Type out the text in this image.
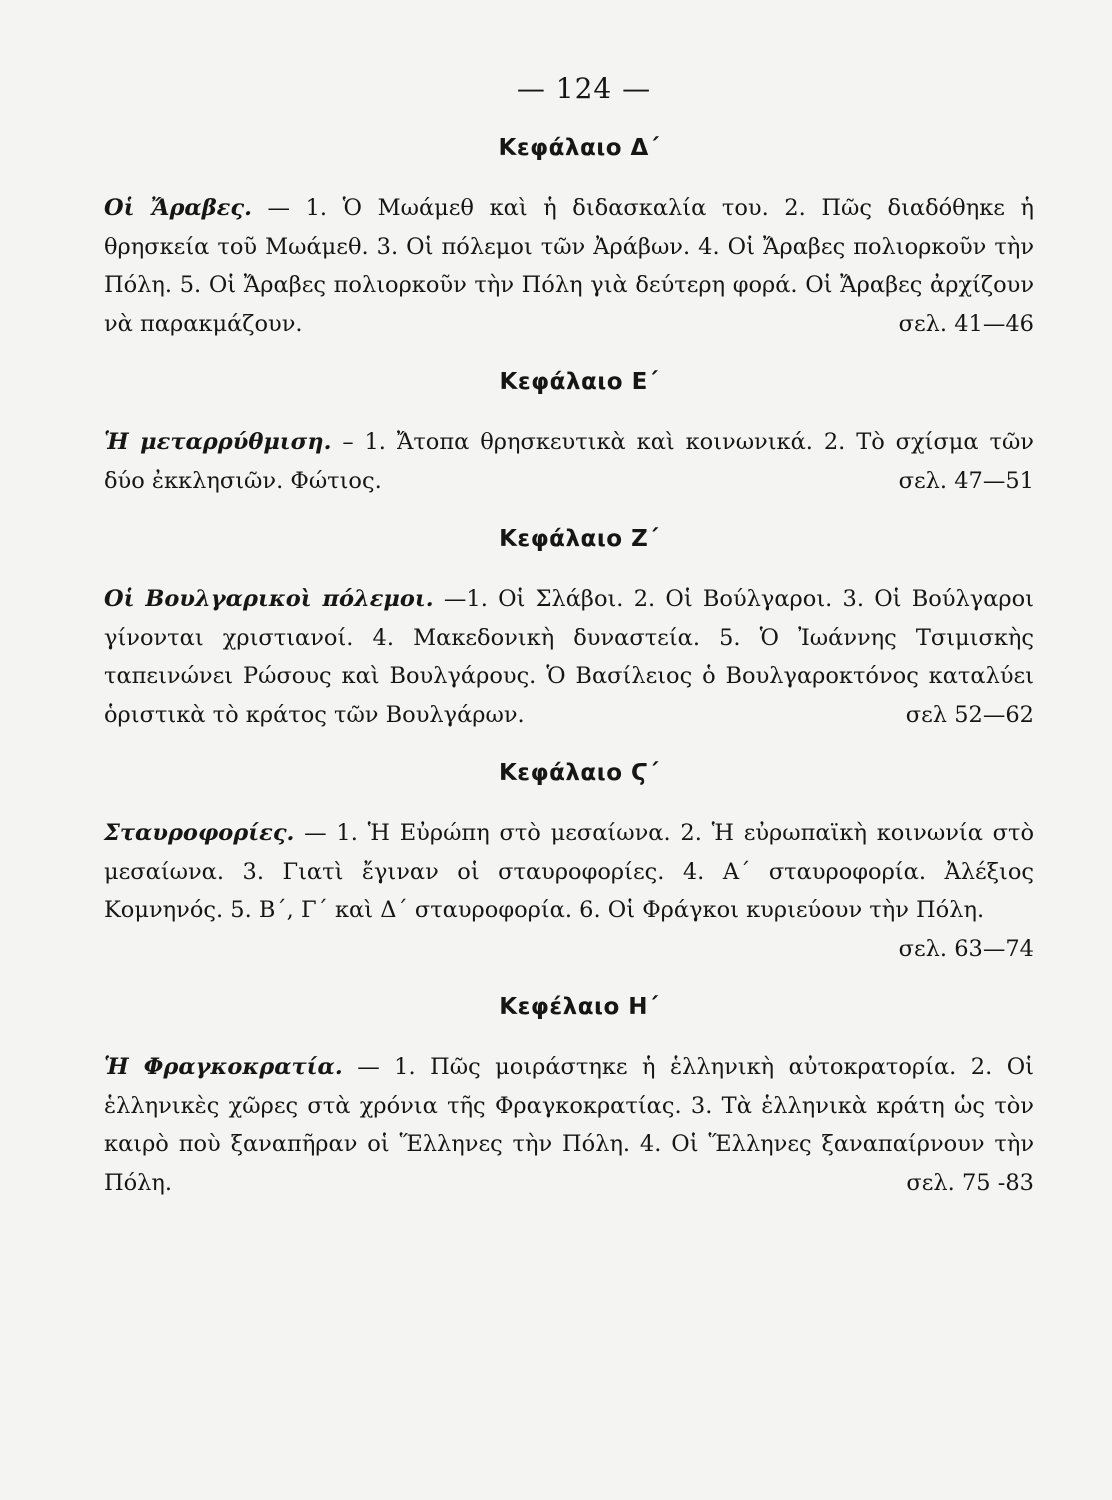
— 124 —
Κεφάλαιο Δ΄
Οἱ Ἄραβες. — 1. Ὁ Μωάμεθ καὶ ἡ διδασκαλία του. 2. Πῶς διαδόθηκε ἡ θρησκεία τοῦ Μωάμεθ. 3. Οἱ πόλεμοι τῶν Ἀράβων. 4. Οἱ Ἄραβες πολιορκοῦν τὴν Πόλη. 5. Οἱ Ἄραβες πολιορκοῦν τὴν Πόλη γιὰ δεύτερη φορά. Οἱ Ἄραβες ἀρχίζουν νὰ παρακμάζουν.	σελ. 41—46
Κεφάλαιο Ε΄
Ἡ μεταρρύθμιση. – 1. Ἄτοπα θρησκευτικὰ καὶ κοινωνικά. 2. Τὸ σχίσμα τῶν δύο ἐκκλησιῶν. Φώτιος.	σελ. 47—51
Κεφάλαιο Ζ΄
Οἱ Βουλγαρικοὶ πόλεμοι. —1. Οἱ Σλάβοι. 2. Οἱ Βούλγαροι. 3. Οἱ Βούλγαροι γίνονται χριστιανοί. 4. Μακεδονικὴ δυναστεία. 5. Ὁ Ἰωάννης Τσιμισκὴς ταπεινώνει Ρώσους καὶ Βουλγάρους. Ὁ Βασίλειος ὁ Βουλγαροκτόνος καταλύει ὁριστικὰ τὸ κράτος τῶν Βουλγάρων.	σελ 52—62
Κεφάλαιο Ϛ΄
Σταυροφορίες. — 1. Ἡ Εὐρώπη στὸ μεσαίωνα. 2. Ἡ εὐρωπαϊκὴ κοινωνία στὸ μεσαίωνα. 3. Γιατὶ ἔγιναν οἱ σταυροφορίες. 4. Α΄ σταυροφορία. Ἀλέξιος Κομνηνός. 5. Β΄, Γ΄ καὶ Δ΄ σταυροφορία. 6. Οἱ Φράγκοι κυριεύουν τὴν Πόλη.
σελ. 63—74
Κεφέλαιο Η΄
Ἡ Φραγκοκρατία. — 1. Πῶς μοιράστηκε ἡ ἑλληνικὴ αὐτοκρατορία. 2. Οἱ ἑλληνικὲς χῶρες στὰ χρόνια τῆς Φραγκοκρατίας. 3. Τὰ ἑλληνικὰ κράτη ὡς τὸν καιρὸ ποὺ ξαναπῆραν οἱ Ἕλληνες τὴν Πόλη. 4. Οἱ Ἕλληνες ξαναπαίρνουν τὴν Πόλη.	σελ. 75 -83
